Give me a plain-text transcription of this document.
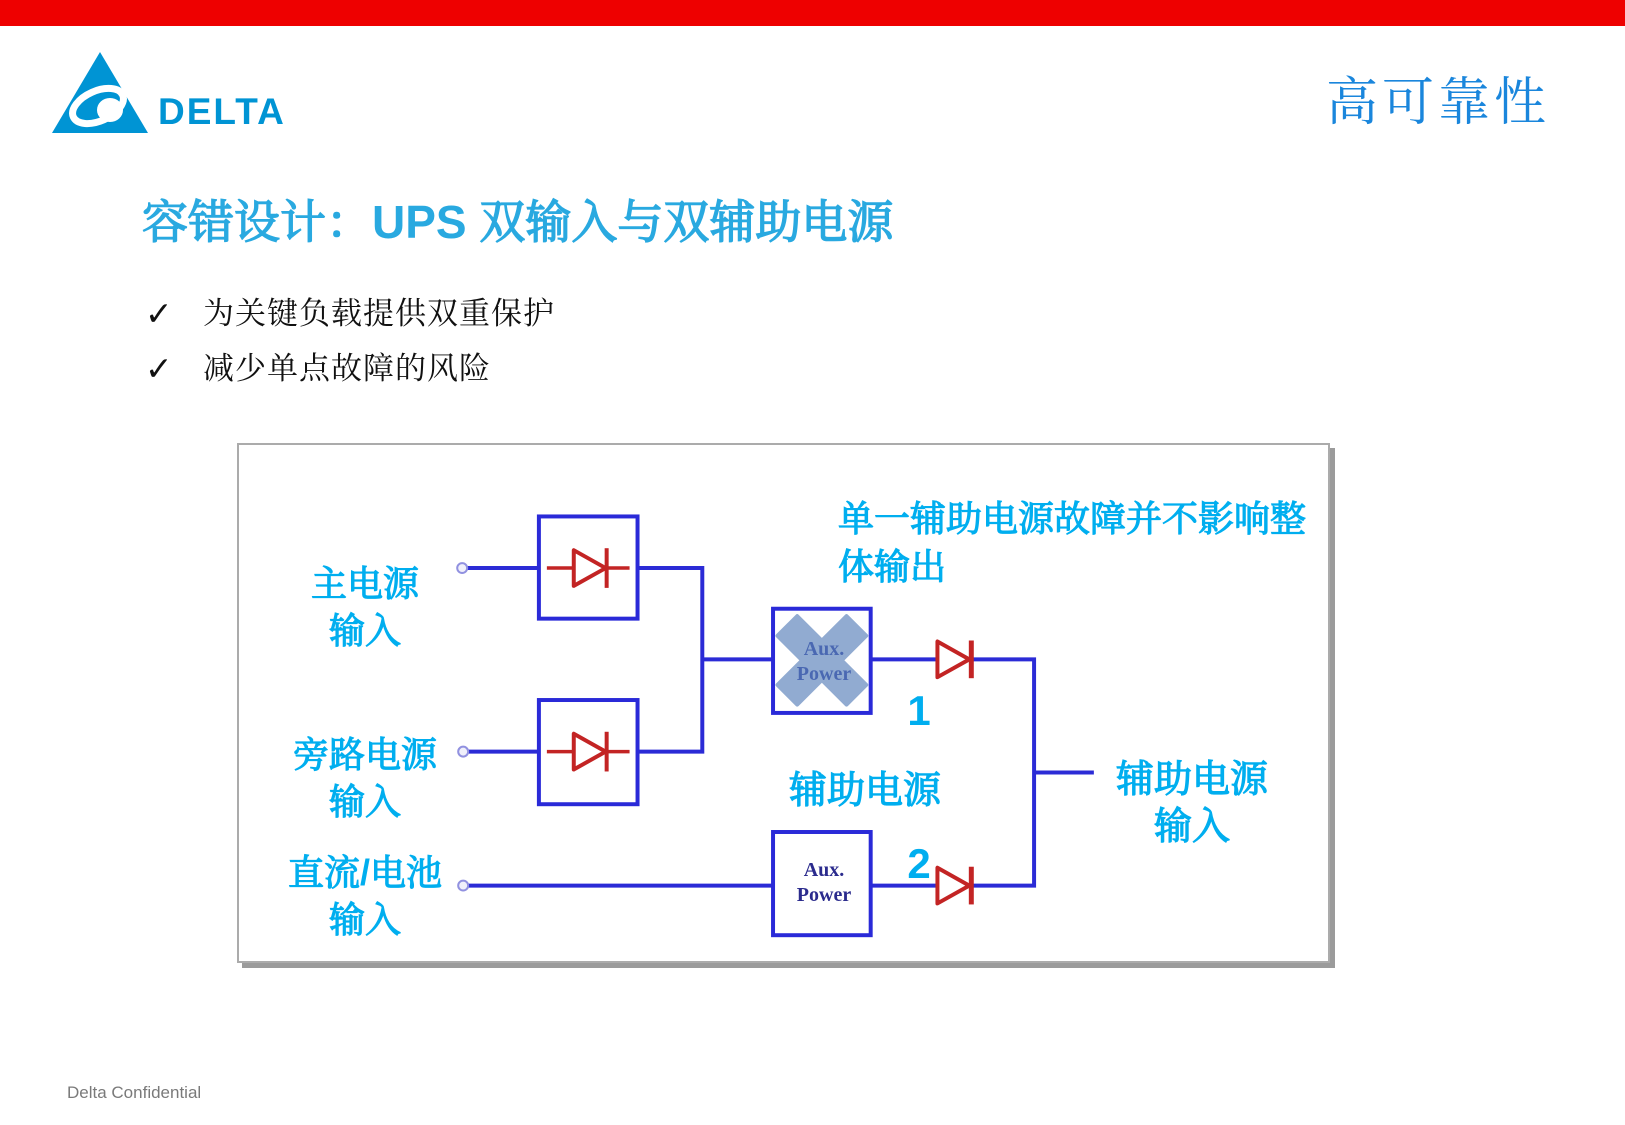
DELTA	高可靠性
容错设计：UPS 双输入与双辅助电源
✓ 为关键负载提供双重保护
✓ 减少单点故障的风险
单一辅助电源故障并不影响整
体输出
主电源
输入
旁路电源
输入
直流/电池
输入
Aux.
Power
Aux.
Power
1
2
辅助电源	辅助电源
输入
Delta Confidential
